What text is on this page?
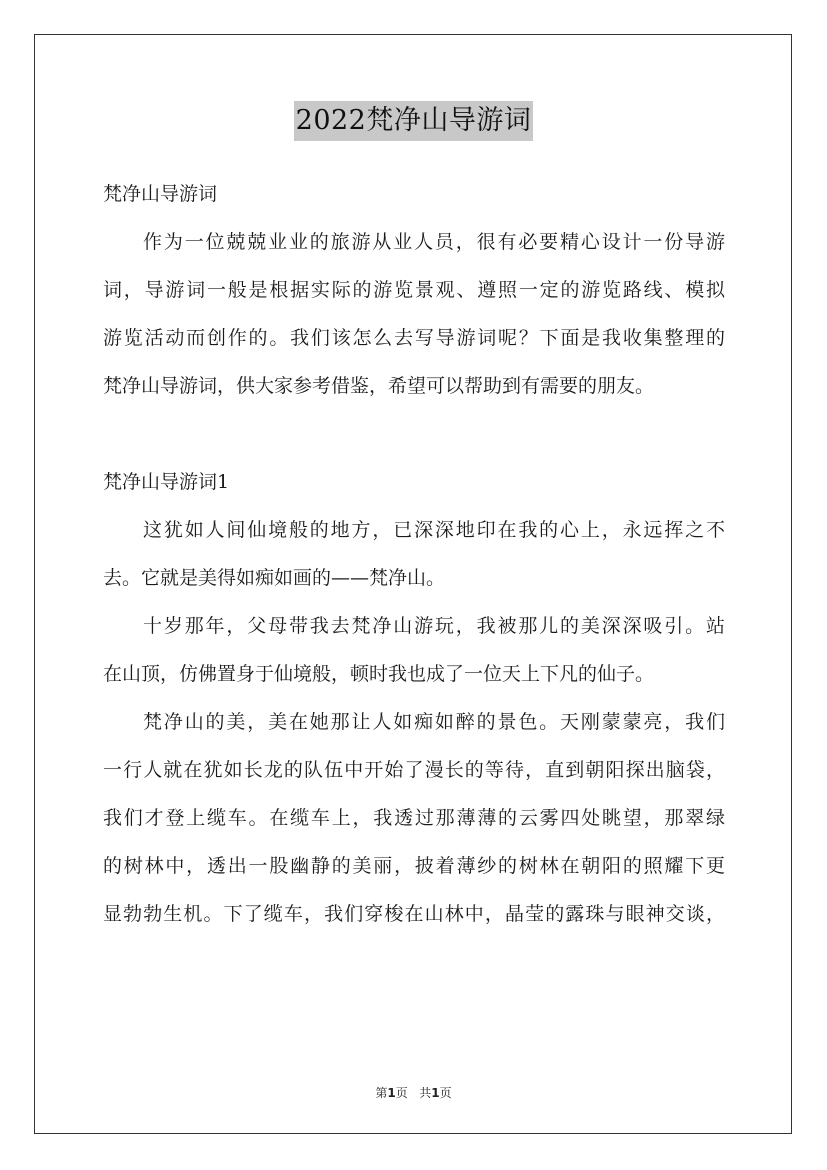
2022梵净山导游词
梵净山导游词
作为一位兢兢业业的旅游从业人员，很有必要精心设计一份导游
词，导游词一般是根据实际的游览景观、遵照一定的游览路线、模拟
游览活动而创作的。我们该怎么去写导游词呢？下面是我收集整理的
梵净山导游词，供大家参考借鉴，希望可以帮助到有需要的朋友。
梵净山导游词1
这犹如人间仙境般的地方，已深深地印在我的心上，永远挥之不
去。它就是美得如痴如画的——梵净山。
十岁那年，父母带我去梵净山游玩，我被那儿的美深深吸引。站
在山顶，仿佛置身于仙境般，顿时我也成了一位天上下凡的仙子。
梵净山的美，美在她那让人如痴如醉的景色。天刚蒙蒙亮，我们
一行人就在犹如长龙的队伍中开始了漫长的等待，直到朝阳探出脑袋，
我们才登上缆车。在缆车上，我透过那薄薄的云雾四处眺望，那翠绿
的树林中，透出一股幽静的美丽，披着薄纱的树林在朝阳的照耀下更
显勃勃生机。下了缆车，我们穿梭在山林中，晶莹的露珠与眼神交谈，
第1页 共1页
